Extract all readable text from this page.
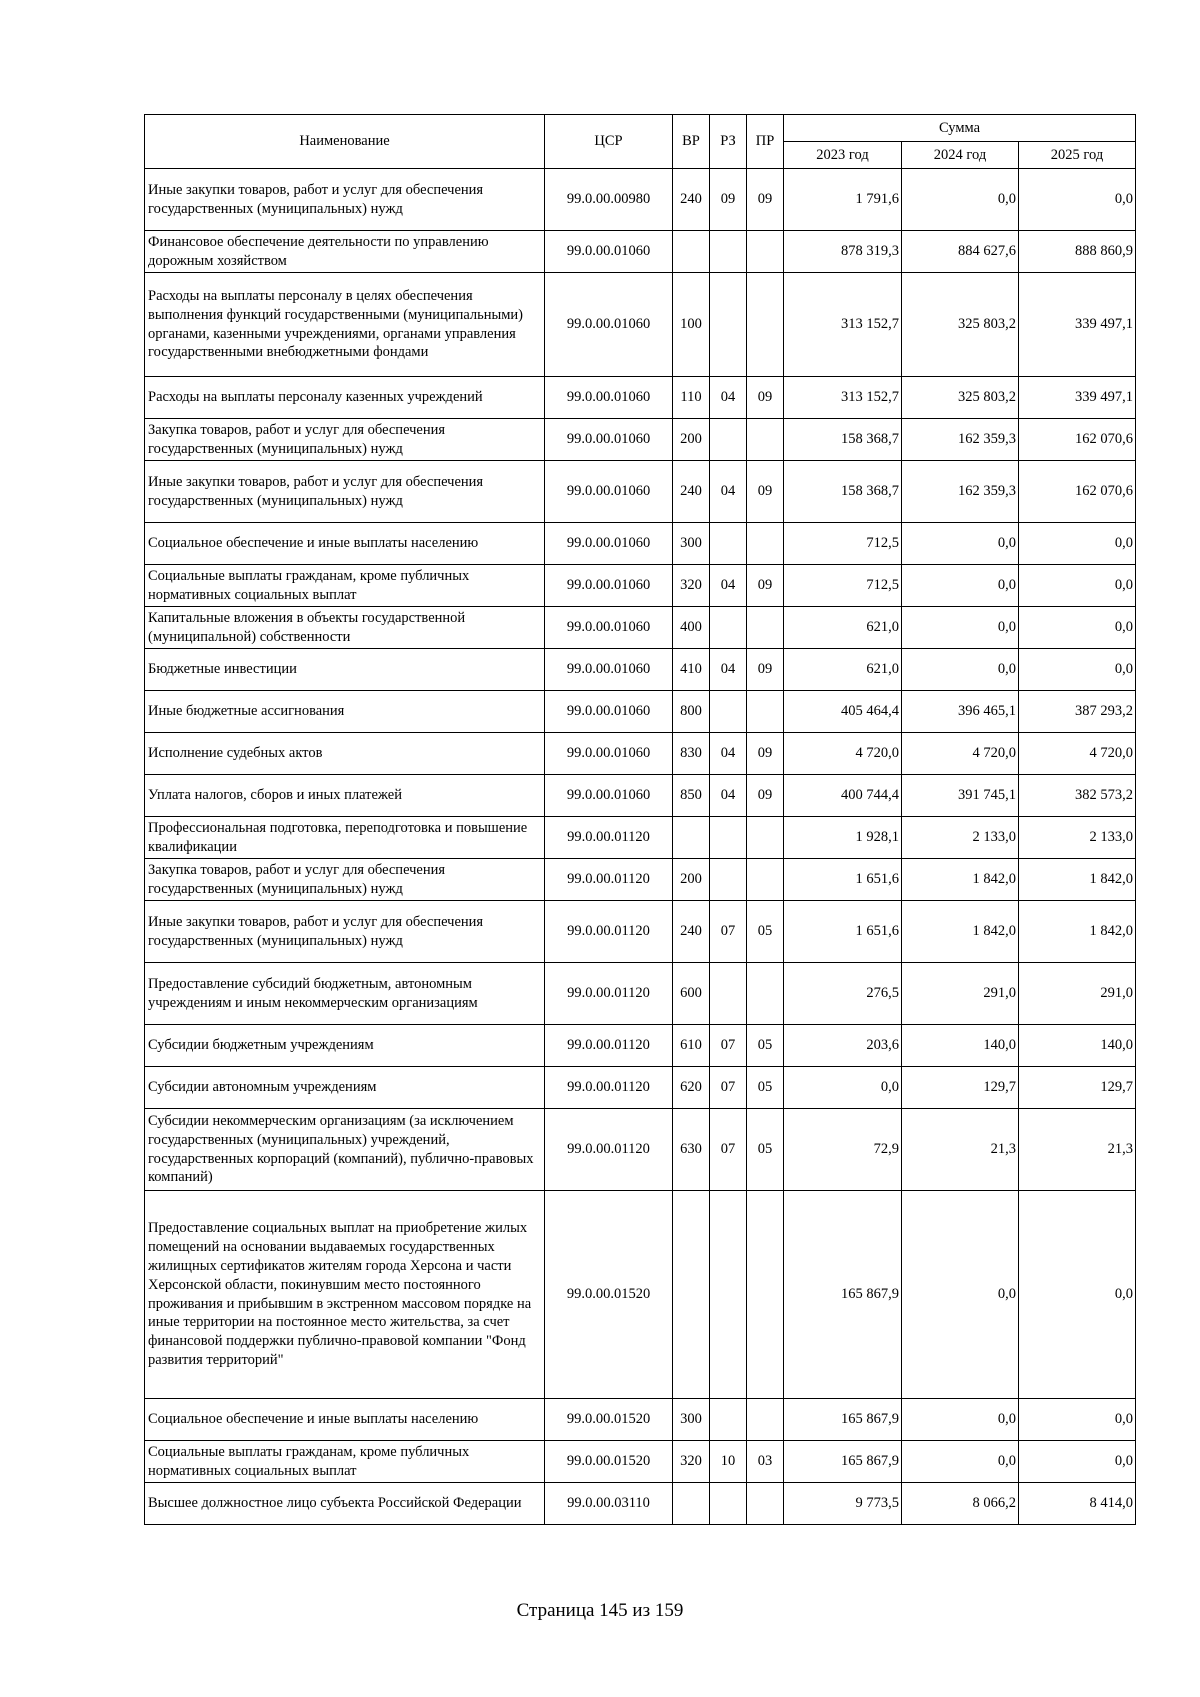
Наименование	ЦСР	ВР	РЗ	ПР	Сумма		
					2023 год	2024 год	2025 год
Иные закупки товаров, работ и услуг для обеспечения государственных (муниципальных) нужд	99.0.00.00980	240	09	09	1 791,6	0,0	0,0
Финансовое обеспечение деятельности по управлению дорожным хозяйством	99.0.00.01060				878 319,3	884 627,6	888 860,9
Расходы на выплаты персоналу в целях обеспечения выполнения функций государственными (муниципальными) органами, казенными учреждениями, органами управления государственными внебюджетными фондами	99.0.00.01060	100			313 152,7	325 803,2	339 497,1
Расходы на выплаты персоналу казенных учреждений	99.0.00.01060	110	04	09	313 152,7	325 803,2	339 497,1
Закупка товаров, работ и услуг для обеспечения государственных (муниципальных) нужд	99.0.00.01060	200			158 368,7	162 359,3	162 070,6
Иные закупки товаров, работ и услуг для обеспечения государственных (муниципальных) нужд	99.0.00.01060	240	04	09	158 368,7	162 359,3	162 070,6
Социальное обеспечение и иные выплаты населению	99.0.00.01060	300			712,5	0,0	0,0
Социальные выплаты гражданам, кроме публичных нормативных социальных выплат	99.0.00.01060	320	04	09	712,5	0,0	0,0
Капитальные вложения в объекты государственной (муниципальной) собственности	99.0.00.01060	400			621,0	0,0	0,0
Бюджетные инвестиции	99.0.00.01060	410	04	09	621,0	0,0	0,0
Иные бюджетные ассигнования	99.0.00.01060	800			405 464,4	396 465,1	387 293,2
Исполнение судебных актов	99.0.00.01060	830	04	09	4 720,0	4 720,0	4 720,0
Уплата налогов, сборов и иных платежей	99.0.00.01060	850	04	09	400 744,4	391 745,1	382 573,2
Профессиональная подготовка, переподготовка и повышение квалификации	99.0.00.01120				1 928,1	2 133,0	2 133,0
Закупка товаров, работ и услуг для обеспечения государственных (муниципальных) нужд	99.0.00.01120	200			1 651,6	1 842,0	1 842,0
Иные закупки товаров, работ и услуг для обеспечения государственных (муниципальных) нужд	99.0.00.01120	240	07	05	1 651,6	1 842,0	1 842,0
Предоставление субсидий бюджетным, автономным учреждениям и иным некоммерческим организациям	99.0.00.01120	600			276,5	291,0	291,0
Субсидии бюджетным учреждениям	99.0.00.01120	610	07	05	203,6	140,0	140,0
Субсидии автономным учреждениям	99.0.00.01120	620	07	05	0,0	129,7	129,7
Субсидии некоммерческим организациям (за исключением государственных (муниципальных) учреждений, государственных корпораций (компаний), публично-правовых компаний)	99.0.00.01120	630	07	05	72,9	21,3	21,3
Предоставление социальных выплат на приобретение жилых помещений на основании выдаваемых государственных жилищных сертификатов жителям города Херсона и части Херсонской области, покинувшим место постоянного проживания и прибывшим в экстренном массовом порядке на иные территории на постоянное место жительства, за счет финансовой поддержки публично-правовой компании "Фонд развития территорий"	99.0.00.01520				165 867,9	0,0	0,0
Социальное обеспечение и иные выплаты населению	99.0.00.01520	300			165 867,9	0,0	0,0
Социальные выплаты гражданам, кроме публичных нормативных социальных выплат	99.0.00.01520	320	10	03	165 867,9	0,0	0,0
Высшее должностное лицо субъекта Российской Федерации	99.0.00.03110				9 773,5	8 066,2	8 414,0
Страница 145 из 159
